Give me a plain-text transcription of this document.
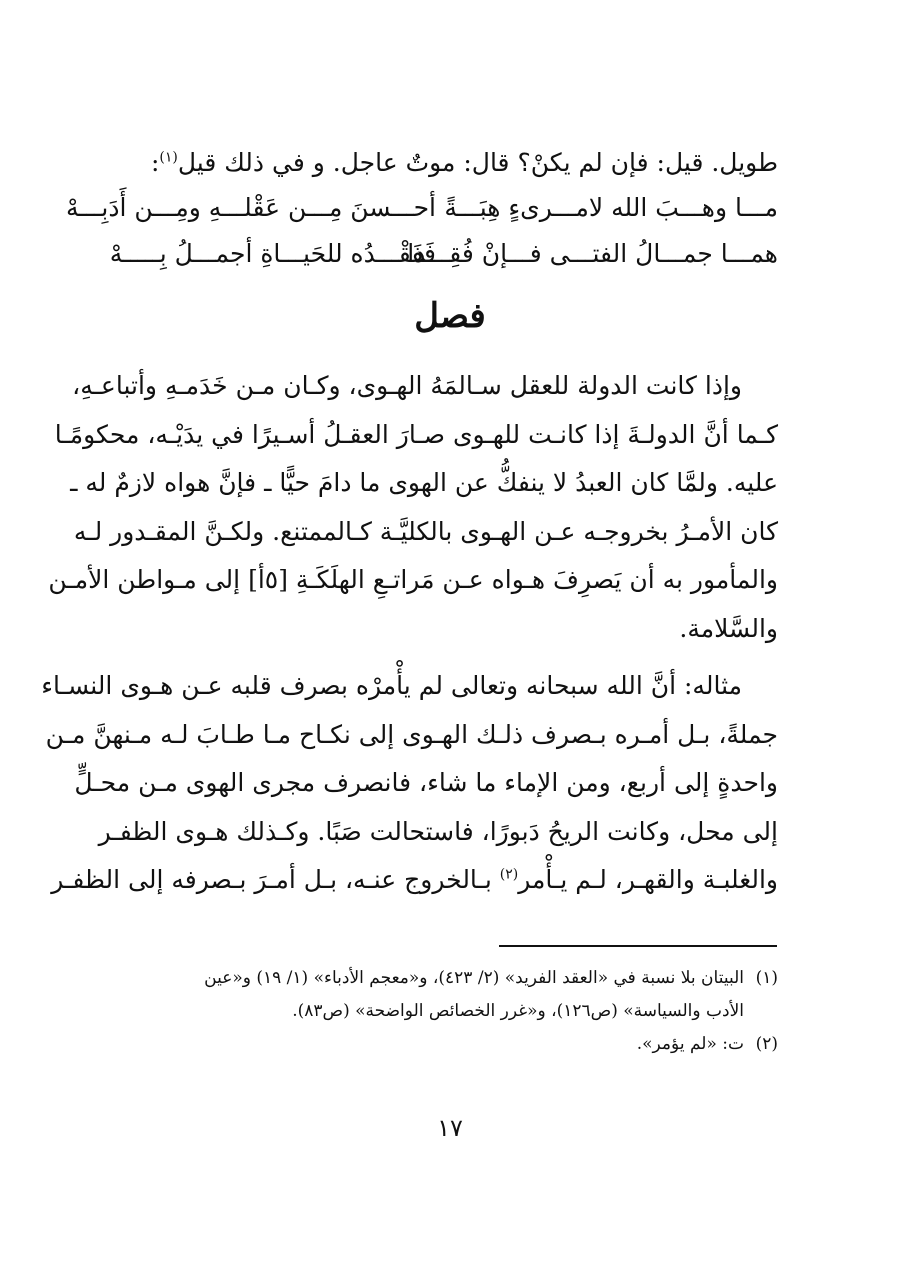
طويل. قيل: فإن لم يكنْ؟ قال: موتٌ عاجل. و في ذلك قيل$^{(١)}$:
مـــا وهـــبَ الله لامـــرىءٍ هِبَـــةً
أحـــسنَ مِـــن عَقْلـــهِ ومِـــن أَدَبِـــهْ
همـــا جمـــالُ الفتـــى فـــإنْ فُقِـــدا
فَفَقْـــدُه للحَيـــاةِ أجمـــلُ بِـــــهْ
فصل
وإذا كانت الدولة للعقل سـالمَهُ الهـوى، وكـان مـن خَدَمـهِ وأتباعـهِ،
كـما أنَّ الدولـةَ إذا كانـت للهـوى صـارَ العقـلُ أسـيرًا في يدَيْـه، محكومًـا
عليه. ولمَّا كان العبدُ لا ينفكُّ عن الهوى ما دامَ حيًّا ـ فإنَّ هواه لازمٌ له ـ
كان الأمـرُ بخروجـه عـن الهـوى بالكليَّـة كـالممتنع. ولكـنَّ المقـدور لـه
والمأمور به أن يَصرِفَ هـواه عـن مَراتـعِ الهلَكَـةِ [٥أ] إلى مـواطن الأمـن
والسَّلامة.
مثاله: أنَّ الله سبحانه وتعالى لم يأْمرْه بصرف قلبه عـن هـوى النسـاء
جملةً، بـل أمـره بـصرف ذلـك الهـوى إلى نكـاح مـا طـابَ لـه مـنهنَّ مـن
واحدةٍ إلى أربع، ومن الإماء ما شاء، فانصرف مجرى الهوى مـن محـلٍّ
إلى محل، وكانت الريحُ دَبورًا، فاستحالت صَبًا. وكـذلك هـوى الظفـر
والغلبـة والقهـر، لـم يـأْمر$^{(٢)}$ بـالخروج عنـه، بـل أمـرَ بـصرفه إلى الظفـر
(١)البيتان بلا نسبة في «العقد الفريد» (٢/ ٤٢٣)، و«معجم الأدباء» (١/ ١٩) و«عين
الأدب والسياسة» (ص١٢٦)، و«غرر الخصائص الواضحة» (ص٨٣).
(٢)ت: «لم يؤمر».
١٧
